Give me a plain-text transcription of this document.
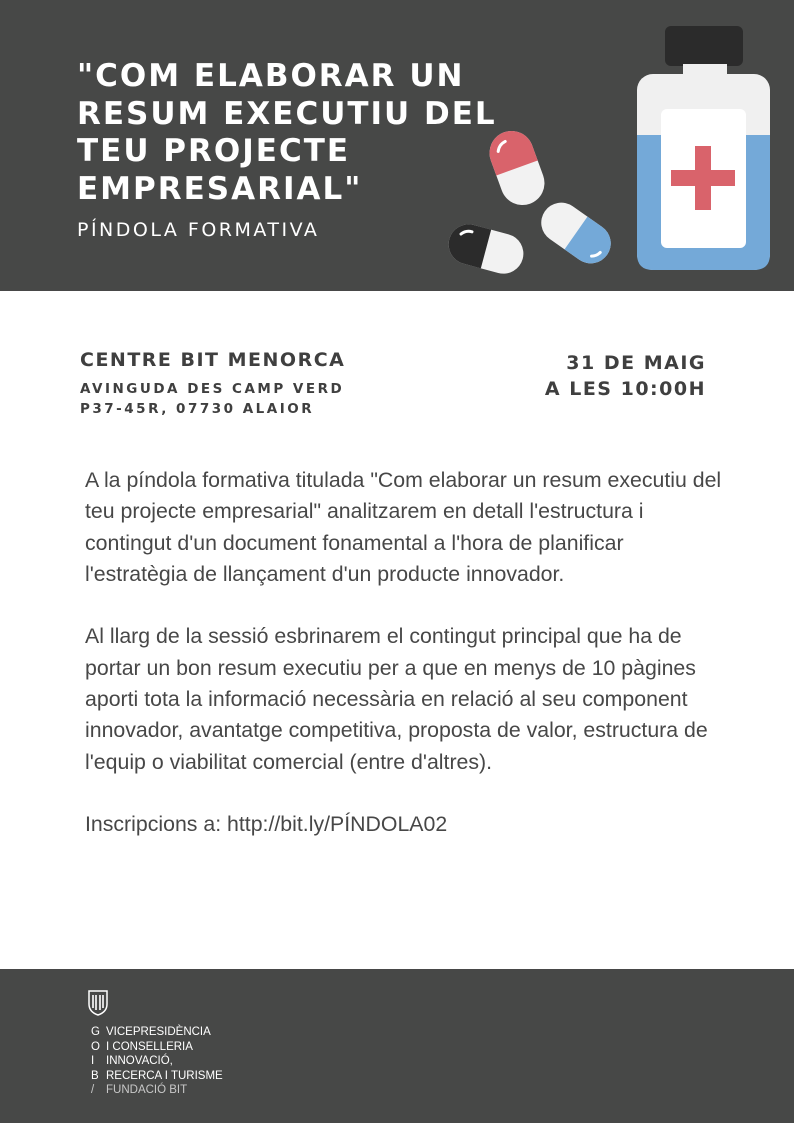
"COM ELABORAR UN RESUM EXECUTIU DEL TEU PROJECTE EMPRESARIAL"
PÍNDOLA FORMATIVA
CENTRE BIT MENORCA
AVINGUDA DES CAMP VERD
P37-45R, 07730 ALAIOR
31 DE MAIG
A LES 10:00H

A la píndola formativa titulada "Com elaborar un resum executiu del teu projecte empresarial" analitzarem en detall l'estructura i contingut d'un document fonamental a l'hora de planificar l'estratègia de llançament d'un producte innovador.

Al llarg de la sessió esbrinarem el contingut principal que ha de portar un bon resum executiu per a que en menys de 10 pàgines aporti tota la informació necessària en relació al seu component innovador, avantatge competitiva, proposta de valor, estructura de l'equip o viabilitat comercial (entre d'altres).

Inscripcions a: http://bit.ly/PÍNDOLA02

G VICEPRESIDÈNCIA
O I CONSELLERIA
I INNOVACIÓ,
B RECERCA I TURISME
/ FUNDACIÓ BIT
